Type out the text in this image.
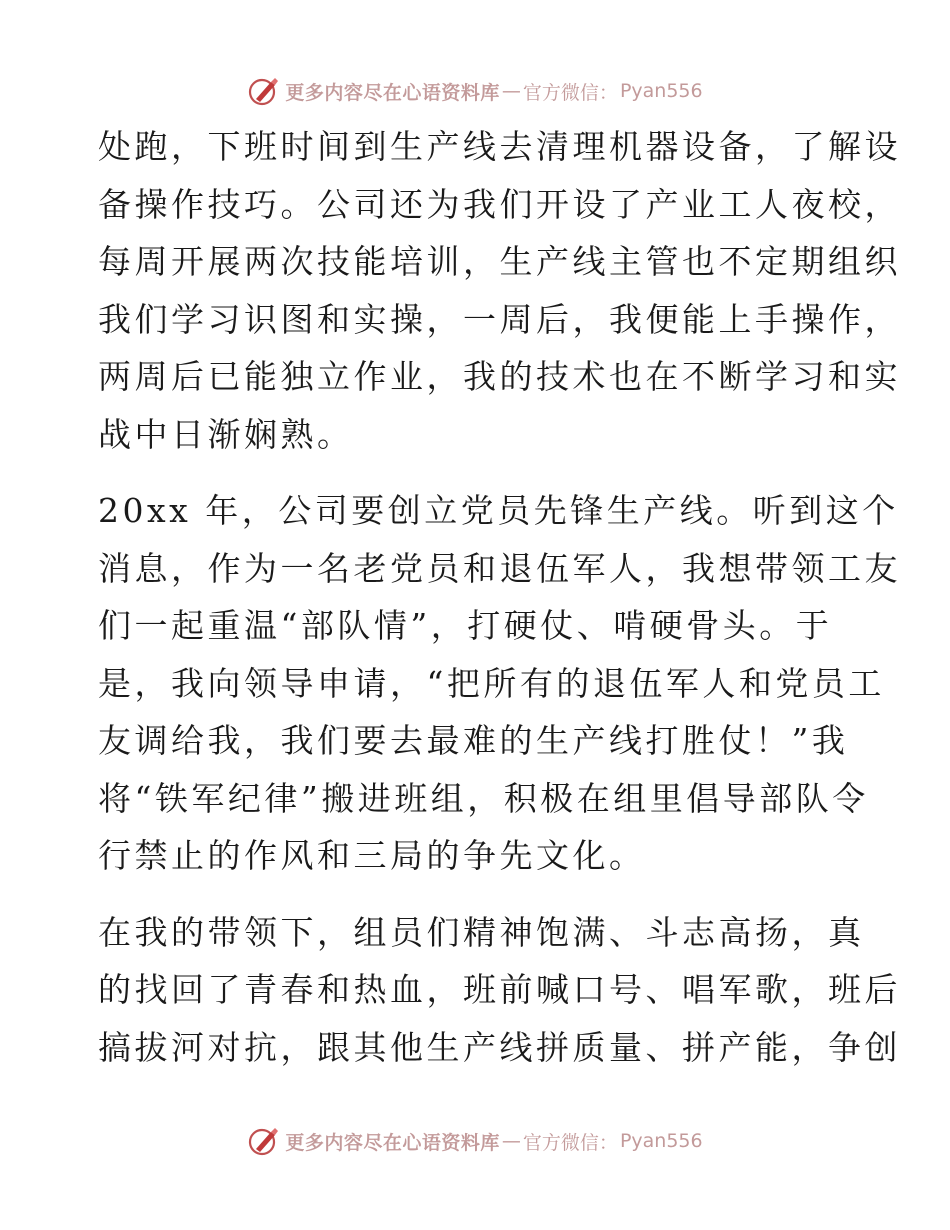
更多内容尽在心语资料库 — 官方微信： Pyan556

处跑，下班时间到生产线去清理机器设备，了解设

备操作技巧。公司还为我们开设了产业工人夜校，

每周开展两次技能培训，生产线主管也不定期组织

我们学习识图和实操，一周后，我便能上手操作，

两周后已能独立作业，我的技术也在不断学习和实

战中日渐娴熟。

20xx 年，公司要创立党员先锋生产线。听到这个

消息，作为一名老党员和退伍军人，我想带领工友

们一起重温“部队情”，打硬仗、啃硬骨头。于

是，我向领导申请，“把所有的退伍军人和党员工

友调给我，我们要去最难的生产线打胜仗！”我

将“铁军纪律”搬进班组，积极在组里倡导部队令

行禁止的作风和三局的争先文化。

在我的带领下，组员们精神饱满、斗志高扬，真

的找回了青春和热血，班前喊口号、唱军歌，班后

搞拔河对抗，跟其他生产线拼质量、拼产能，争创

更多内容尽在心语资料库 — 官方微信： Pyan556
